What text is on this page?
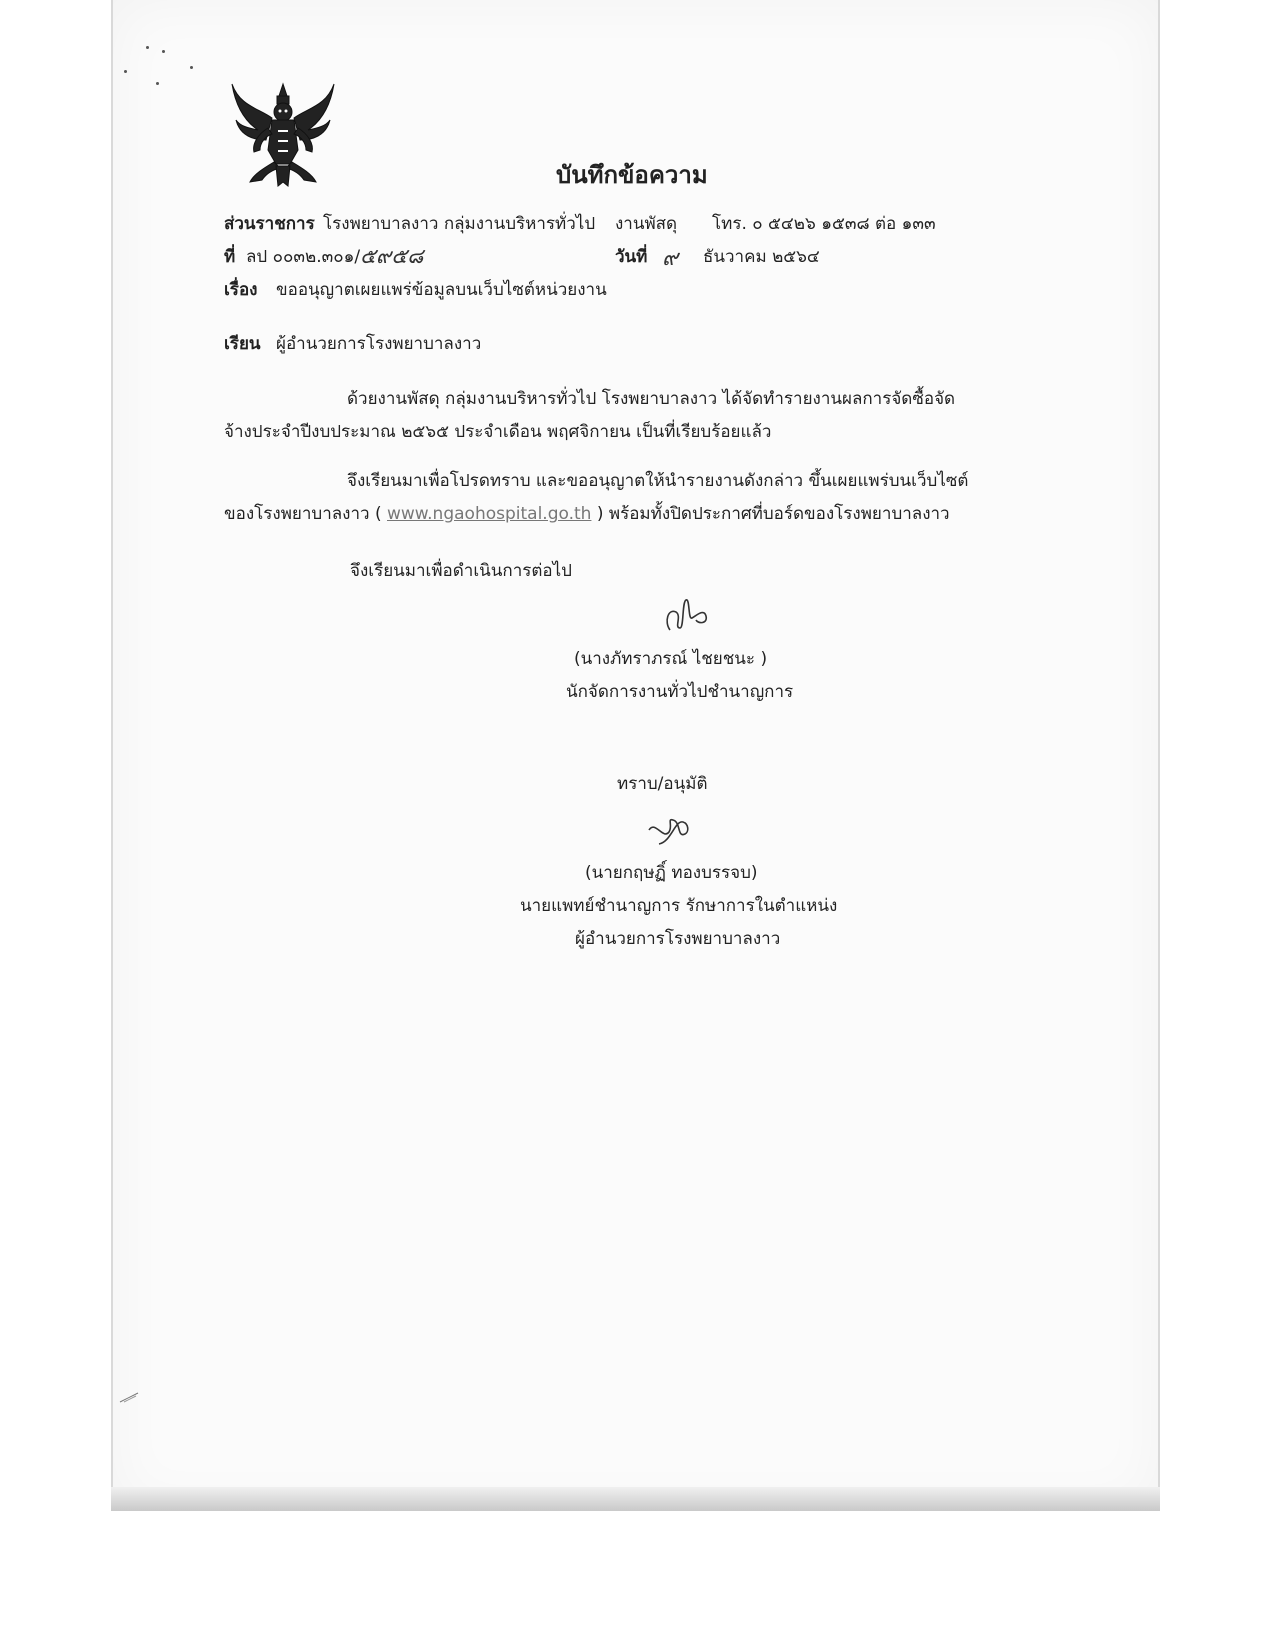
บันทึกข้อความ
ส่วนราชการ โรงพยาบาลงาว กลุ่มงานบริหารทั่วไป งานพัสดุ โทร. ๐ ๕๔๒๖ ๑๕๓๘ ต่อ ๑๓๓
ที่ ลป ๐๐๓๒.๓๐๑/ ๕๙๕๘	วันที่ ๙ ธันวาคม ๒๕๖๔
เรื่อง ขออนุญาตเผยแพร่ข้อมูลบนเว็บไซต์หน่วยงาน
เรียน ผู้อำนวยการโรงพยาบาลงาว
ด้วยงานพัสดุ กลุ่มงานบริหารทั่วไป โรงพยาบาลงาว ได้จัดทำรายงานผลการจัดซื้อจัด
จ้างประจำปีงบประมาณ ๒๕๖๕ ประจำเดือน พฤศจิกายน เป็นที่เรียบร้อยแล้ว
จึงเรียนมาเพื่อโปรดทราบ และขออนุญาตให้นำรายงานดังกล่าว ขึ้นเผยแพร่บนเว็บไซต์
ของโรงพยาบาลงาว ( www.ngaohospital.go.th ) พร้อมทั้งปิดประกาศที่บอร์ดของโรงพยาบาลงาว
จึงเรียนมาเพื่อดำเนินการต่อไป
(นางภัทราภรณ์ ไชยชนะ )
นักจัดการงานทั่วไปชำนาญการ
ทราบ/อนุมัติ
(นายกฤษฏิ์ ทองบรรจบ)
นายแพทย์ชำนาญการ รักษาการในตำแหน่ง
ผู้อำนวยการโรงพยาบาลงาว
